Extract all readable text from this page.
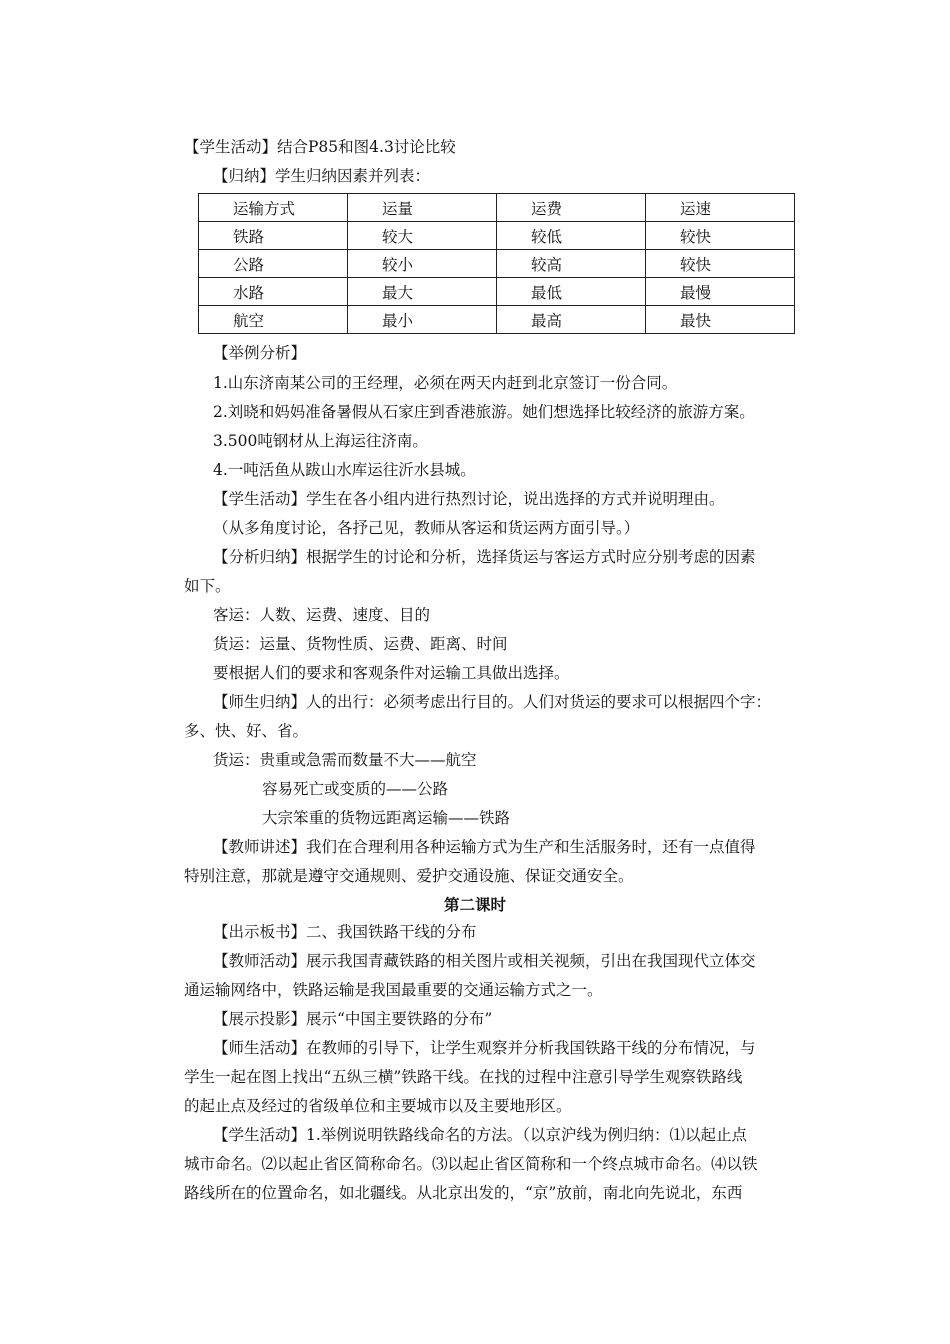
【学生活动】结合P85和图4.3讨论比较
【归纳】学生归纳因素并列表：
运输方式	运量	运费	运速
铁路	较大	较低	较快
公路	较小	较高	较快
水路	最大	最低	最慢
航空	最小	最高	最快
【举例分析】
1.山东济南某公司的王经理，必须在两天内赶到北京签订一份合同。
2.刘晓和妈妈准备暑假从石家庄到香港旅游。她们想选择比较经济的旅游方案。
3.500吨钢材从上海运往济南。
4.一吨活鱼从跋山水库运往沂水县城。
【学生活动】学生在各小组内进行热烈讨论，说出选择的方式并说明理由。
（从多角度讨论，各抒己见，教师从客运和货运两方面引导。）
【分析归纳】根据学生的讨论和分析，选择货运与客运方式时应分别考虑的因素
如下。
客运：人数、运费、速度、目的
货运：运量、货物性质、运费、距离、时间
要根据人们的要求和客观条件对运输工具做出选择。
【师生归纳】人的出行：必须考虑出行目的。人们对货运的要求可以根据四个字：
多、快、好、省。
货运：贵重或急需而数量不大——航空
容易死亡或变质的——公路
大宗笨重的货物远距离运输——铁路
【教师讲述】我们在合理利用各种运输方式为生产和生活服务时，还有一点值得
特别注意，那就是遵守交通规则、爱护交通设施、保证交通安全。
第二课时
【出示板书】二、我国铁路干线的分布
【教师活动】展示我国青藏铁路的相关图片或相关视频，引出在我国现代立体交
通运输网络中，铁路运输是我国最重要的交通运输方式之一。
【展示投影】展示“中国主要铁路的分布”
【师生活动】在教师的引导下，让学生观察并分析我国铁路干线的分布情况，与
学生一起在图上找出“五纵三横”铁路干线。在找的过程中注意引导学生观察铁路线
的起止点及经过的省级单位和主要城市以及主要地形区。
【学生活动】1.举例说明铁路线命名的方法。（以京沪线为例归纳：⑴以起止点
城市命名。⑵以起止省区简称命名。⑶以起止省区简称和一个终点城市命名。⑷以铁
路线所在的位置命名，如北疆线。从北京出发的，“京”放前，南北向先说北，东西
